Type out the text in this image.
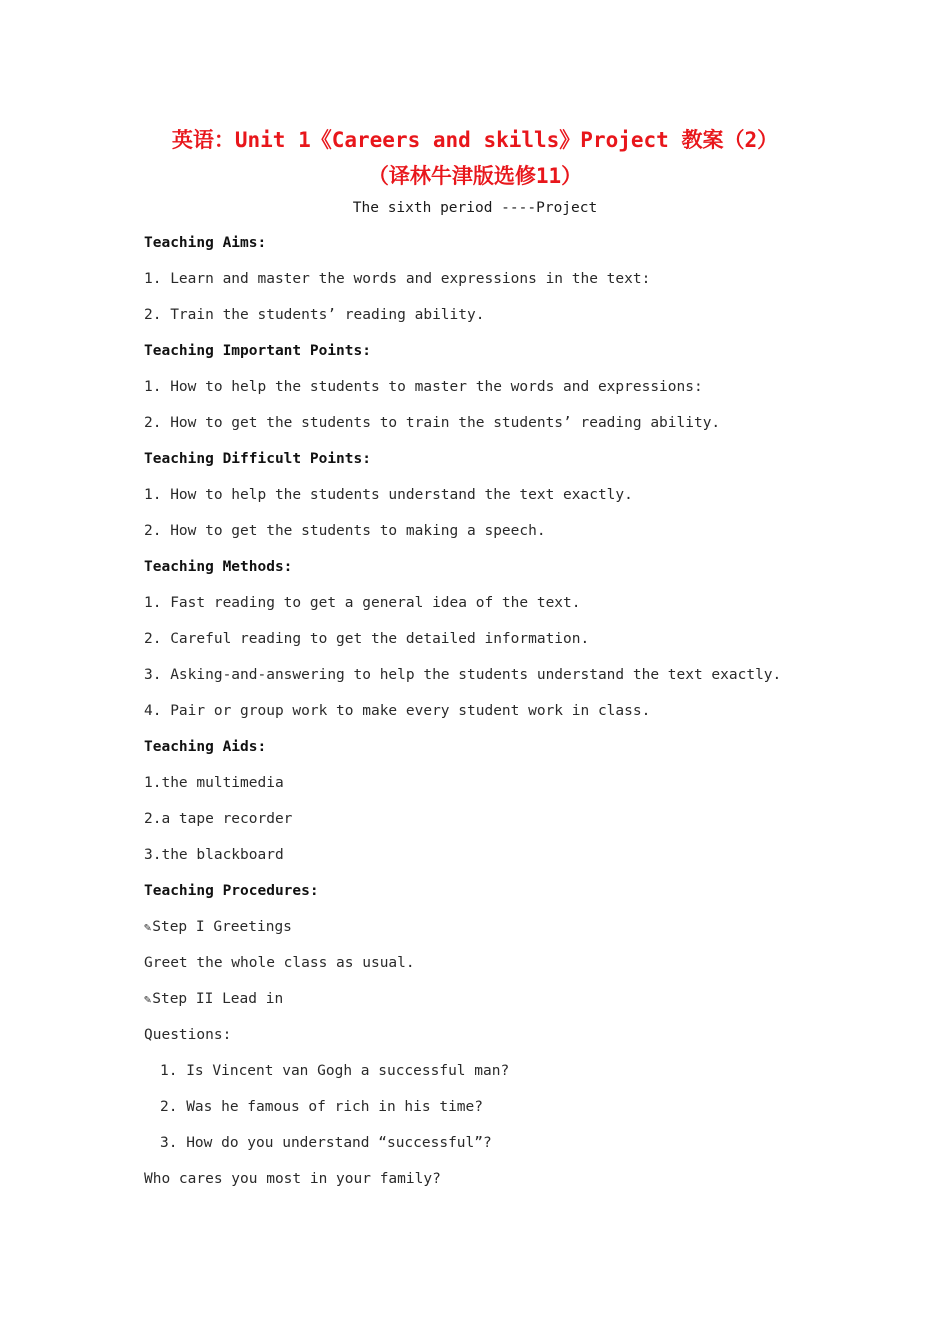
英语：Unit 1《Careers and skills》Project 教案（2）
（译林牛津版选修11）
The sixth period ----Project
Teaching Aims:
1. Learn and master the words and expressions in the text:
2. Train the students’ reading ability.
Teaching Important Points:
1. How to help the students to master the words and expressions:
2. How to get the students to train the students’ reading ability.
Teaching Difficult Points:
1. How to help the students understand the text exactly.
2. How to get the students to making a speech.
Teaching Methods:
1. Fast reading to get a general idea of the text.
2. Careful reading to get the detailed information.
3. Asking-and-answering to help the students understand the text exactly.
4. Pair or group work to make every student work in class.
Teaching Aids:
1.the multimedia
2.a tape recorder
3.the blackboard
Teaching Procedures:
✎Step I Greetings
Greet the whole class as usual.
✎Step II Lead in
Questions:
1. Is Vincent van Gogh a successful man?
2. Was he famous of rich in his time?
3. How do you understand “successful”?
Who cares you most in your family?
